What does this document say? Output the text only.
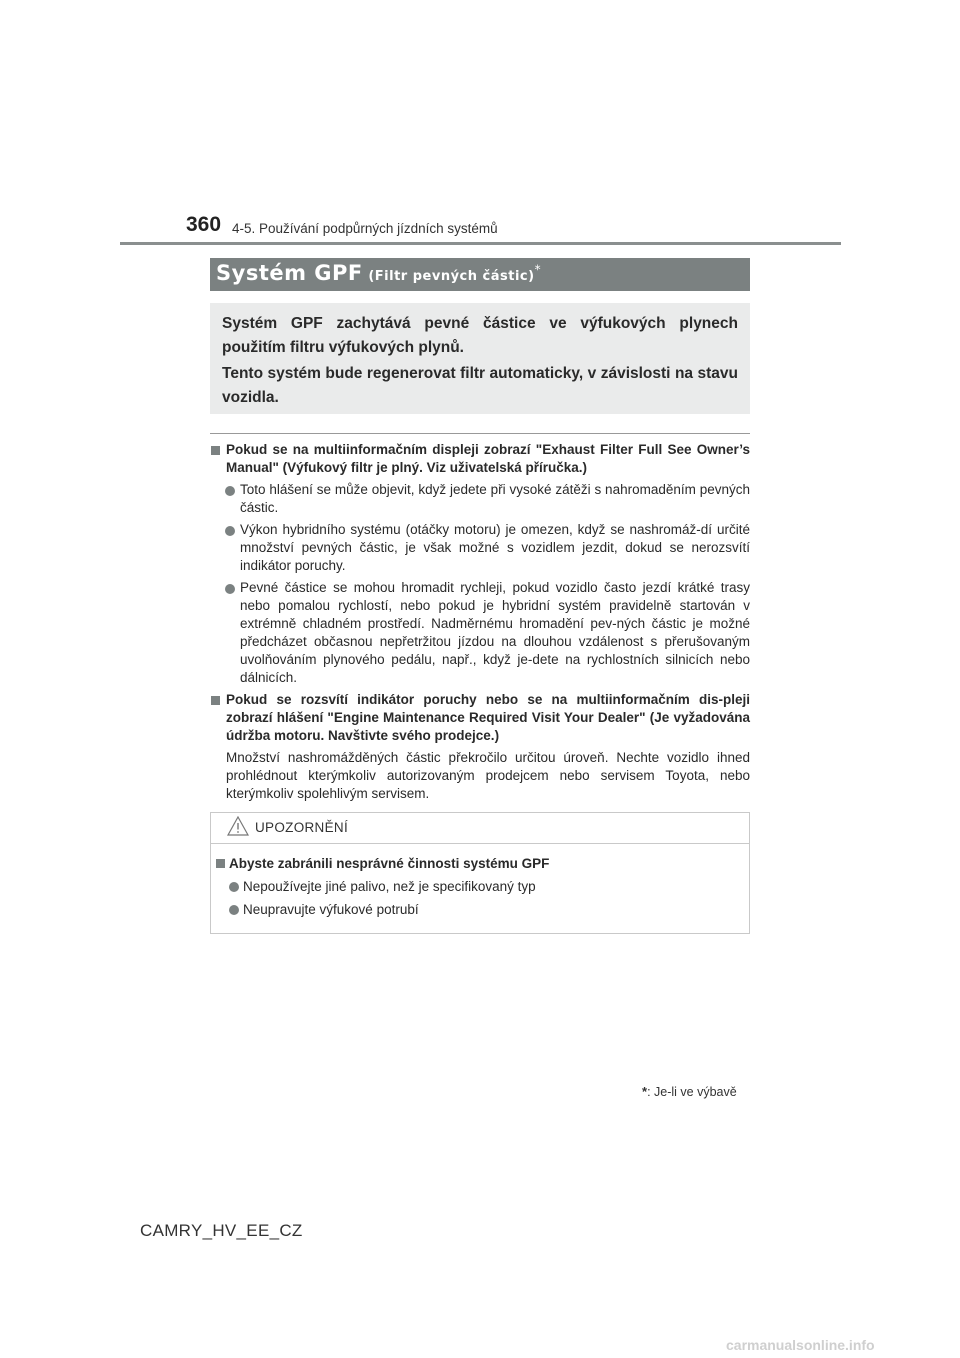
360 4-5. Používání podpůrných jízdních systémů
Systém GPF (Filtr pevných částic)*

Systém GPF zachytává pevné částice ve výfukových plynech použitím filtru výfukových plynů.

Tento systém bude regenerovat filtr automaticky, v závislosti na stavu vozidla.

Pokud se na multiinformačním displeji zobrazí "Exhaust Filter Full See Owner’s Manual" (Výfukový filtr je plný. Viz uživatelská příručka.)
Toto hlášení se může objevit, když jedete při vysoké zátěži s nahromaděním pevných částic.
Výkon hybridního systému (otáčky motoru) je omezen, když se nashromáž-dí určité množství pevných částic, je však možné s vozidlem jezdit, dokud se nerozsvítí indikátor poruchy.
Pevné částice se mohou hromadit rychleji, pokud vozidlo často jezdí krátké trasy nebo pomalou rychlostí, nebo pokud je hybridní systém pravidelně startován v extrémně chladném prostředí. Nadměrnému hromadění pev-ných částic je možné předcházet občasnou nepřetržitou jízdou na dlouhou vzdálenost s přerušovaným uvolňováním plynového pedálu, např., když je-dete na rychlostních silnicích nebo dálnicích.
Pokud se rozsvítí indikátor poruchy nebo se na multiinformačním dis-pleji zobrazí hlášení "Engine Maintenance Required Visit Your Dealer" (Je vyžadována údržba motoru. Navštivte svého prodejce.)
Množství nashromážděných částic překročilo určitou úroveň. Nechte vozidlo ihned prohlédnout kterýmkoliv autorizovaným prodejcem nebo servisem Toyota, nebo kterýmkoliv spolehlivým servisem.
UPOZORNĚNÍ
Abyste zabránili nesprávné činnosti systému GPF
Nepoužívejte jiné palivo, než je specifikovaný typ
Neupravujte výfukové potrubí
*: Je-li ve výbavě
CAMRY_HV_EE_CZ
carmanualsonline.info
